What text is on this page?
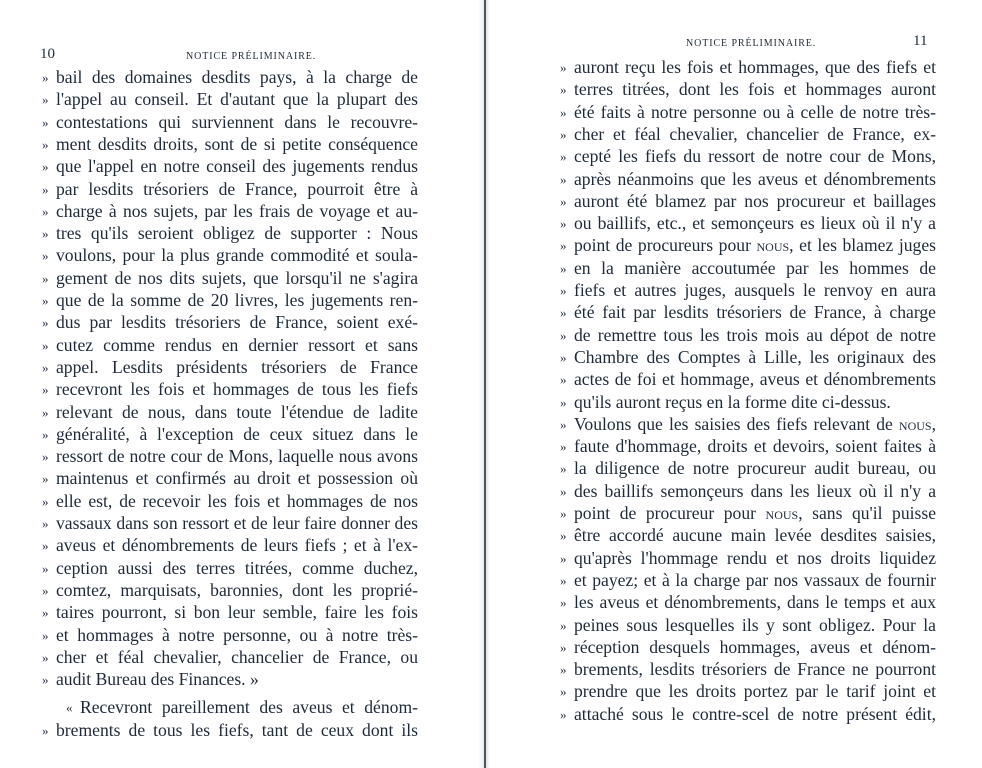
10	NOTICE PRÉLIMINAIRE.
» bail des domaines desdits pays, à la charge de
» l'appel au conseil. Et d'autant que la plupart des
» contestations qui surviennent dans le recouvre-
» ment desdits droits, sont de si petite conséquence
» que l'appel en notre conseil des jugements rendus
» par lesdits trésoriers de France, pourroit être à
» charge à nos sujets, par les frais de voyage et au-
» tres qu'ils seroient obligez de supporter : Nous
» voulons, pour la plus grande commodité et soula-
» gement de nos dits sujets, que lorsqu'il ne s'agira
» que de la somme de 20 livres, les jugements ren-
» dus par lesdits trésoriers de France, soient exé-
» cutez comme rendus en dernier ressort et sans
» appel. Lesdits présidents trésoriers de France
» recevront les fois et hommages de tous les fiefs
» relevant de nous, dans toute l'étendue de ladite
» généralité, à l'exception de ceux situez dans le
» ressort de notre cour de Mons, laquelle nous avons
» maintenus et confirmés au droit et possession où
» elle est, de recevoir les fois et hommages de nos
» vassaux dans son ressort et de leur faire donner des
» aveus et dénombrements de leurs fiefs ; et à l'ex-
» ception aussi des terres titrées, comme duchez,
» comtez, marquisats, baronnies, dont les proprié-
» taires pourront, si bon leur semble, faire les fois
» et hommages à notre personne, ou à notre très-
» cher et féal chevalier, chancelier de France, ou
» audit Bureau des Finances. »
« Recevront pareillement des aveus et dénom-
» brements de tous les fiefs, tant de ceux dont ils
11
NOTICE PRÉLIMINAIRE.
» auront reçu les fois et hommages, que des fiefs et
» terres titrées, dont les fois et hommages auront
» été faits à notre personne ou à celle de notre très-
» cher et féal chevalier, chancelier de France, ex-
» cepté les fiefs du ressort de notre cour de Mons,
» après néanmoins que les aveus et dénombrements
» auront été blamez par nos procureur et baillages
» ou baillifs, etc., et semonçeurs es lieux où il n'y a
» point de procureurs pour nous, et les blamez juges
» en la manière accoutumée par les hommes de
» fiefs et autres juges, ausquels le renvoy en aura
» été fait par lesdits trésoriers de France, à charge
» de remettre tous les trois mois au dépot de notre
» Chambre des Comptes à Lille, les originaux des
» actes de foi et hommage, aveus et dénombrements
» qu'ils auront reçus en la forme dite ci-dessus.
» Voulons que les saisies des fiefs relevant de nous,
» faute d'hommage, droits et devoirs, soient faites à
» la diligence de notre procureur audit bureau, ou
» des baillifs semonçeurs dans les lieux où il n'y a
» point de procureur pour nous, sans qu'il puisse
» être accordé aucune main levée desdites saisies,
» qu'après l'hommage rendu et nos droits liquidez
» et payez; et à la charge par nos vassaux de fournir
» les aveus et dénombrements, dans le temps et aux
» peines sous lesquelles ils y sont obligez. Pour la
» réception desquels hommages, aveus et dénom-
» brements, lesdits trésoriers de France ne pourront
» prendre que les droits portez par le tarif joint et
» attaché sous le contre-scel de notre présent édit,
